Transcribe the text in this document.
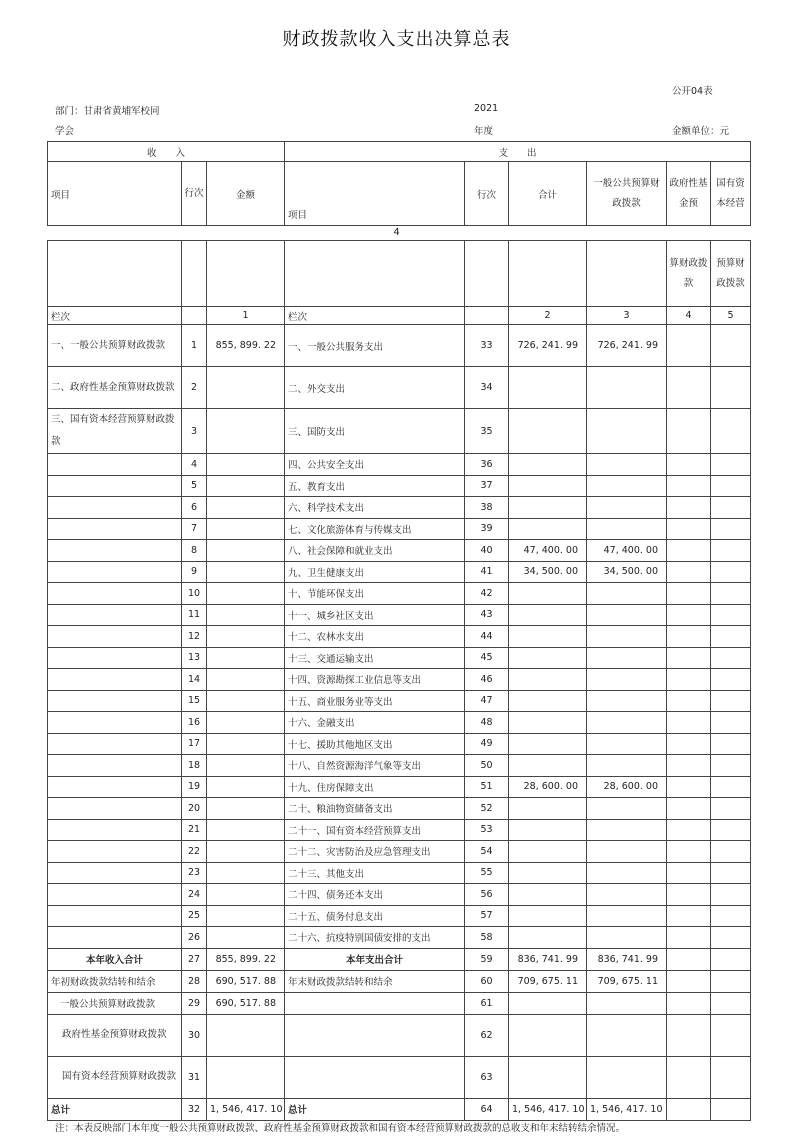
财政拨款收入支出决算总表
公开04表
部门：甘肃省黄埔军校同
学会
2021
年度	金额单位：元
收　　入			支　　出					
项目	行次	金额	项目	行次	合计	一般公共预算财政拨款	政府性基金预	国有资本经营
4
							算财政拨款	预算财政拨款
栏次		1	栏次		2	3	4	5
一、一般公共预算财政拨款	1	855, 899. 22	一、一般公共服务支出	33	726, 241. 99	726, 241. 99		
二、政府性基金预算财政拨款	2		二、外交支出	34				
三、国有资本经营预算财政拨款	3		三、国防支出	35				
	4		四、公共安全支出	36				
	5		五、教育支出	37				
	6		六、科学技术支出	38				
	7		七、文化旅游体育与传媒支出	39				
	8		八、社会保障和就业支出	40	47, 400. 00	47, 400. 00		
	9		九、卫生健康支出	41	34, 500. 00	34, 500. 00		
	10		十、节能环保支出	42				
	11		十一、城乡社区支出	43				
	12		十二、农林水支出	44				
	13		十三、交通运输支出	45				
	14		十四、资源勘探工业信息等支出	46				
	15		十五、商业服务业等支出	47				
	16		十六、金融支出	48				
	17		十七、援助其他地区支出	49				
	18		十八、自然资源海洋气象等支出	50				
	19		十九、住房保障支出	51	28, 600. 00	28, 600. 00		
	20		二十、粮油物资储备支出	52				
	21		二十一、国有资本经营预算支出	53				
	22		二十二、灾害防治及应急管理支出	54				
	23		二十三、其他支出	55				
	24		二十四、债务还本支出	56				
	25		二十五、债务付息支出	57				
	26		二十六、抗疫特别国债安排的支出	58				
本年收入合计	27	855, 899. 22	本年支出合计	59	836, 741. 99	836, 741. 99		
年初财政拨款结转和结余	28	690, 517. 88	年末财政拨款结转和结余	60	709, 675. 11	709, 675. 11		
一般公共预算财政拨款	29	690, 517. 88		61				
政府性基金预算财政拨款	30			62				
国有资本经营预算财政拨款	31			63				
总计	32	1, 546, 417. 10	总计	64	1, 546, 417. 10	1, 546, 417. 10		
注：本表反映部门本年度一般公共预算财政拨款、政府性基金预算财政拨款和国有资本经营预算财政拨款的总收支和年末结转结余情况。
